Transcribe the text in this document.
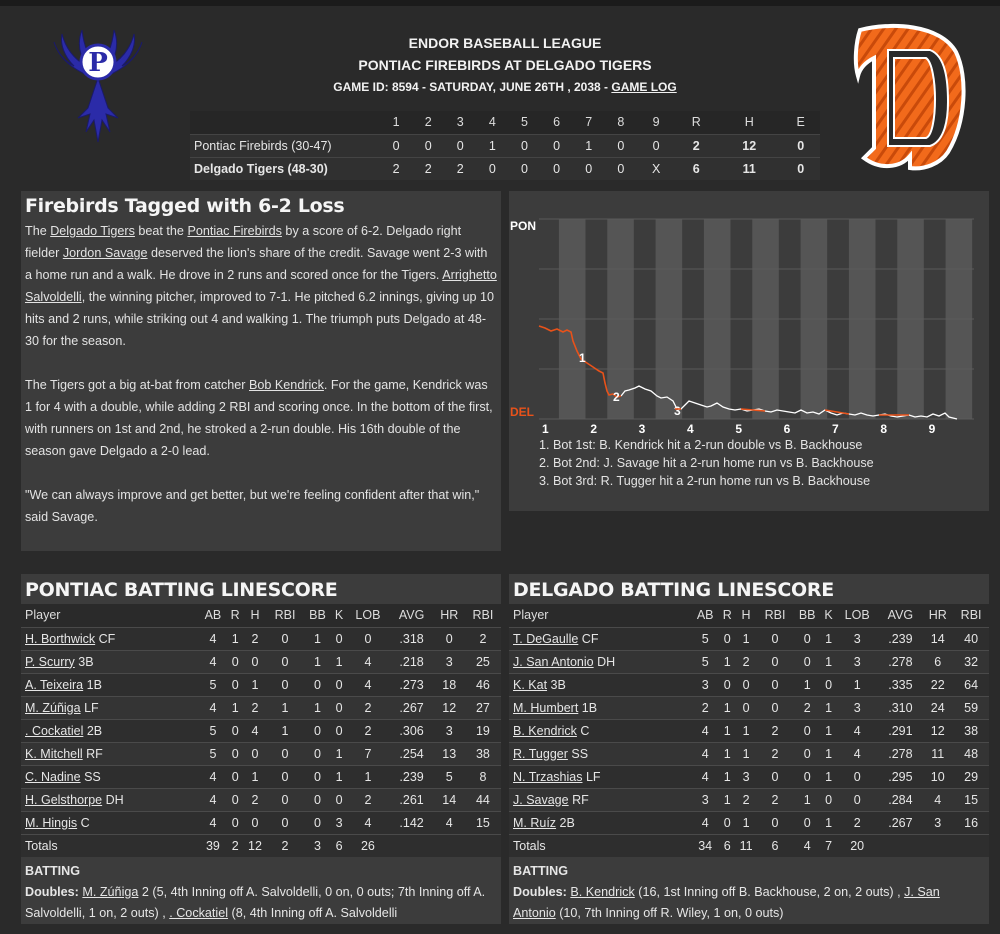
P
ENDOR BASEBALL LEAGUE
PONTIAC FIREBIRDS AT DELGADO TIGERS
GAME ID: 8594 - SATURDAY, JUNE 26TH , 2038 - GAME LOG
	1	2	3	4	5	6	7	8	9	R	H	E
Pontiac Firebirds (30-47)	0	0	0	1	0	0	1	0	0	2	12	0
Delgado Tigers (48-30)	2	2	2	0	0	0	0	0	X	6	11	0
Firebirds Tagged with 6-2 Loss

The Delgado Tigers beat the Pontiac Firebirds by a score of 6-2. Delgado right fielder Jordon Savage deserved the lion's share of the credit. Savage went 2-3 with a home run and a walk. He drove in 2 runs and scored once for the Tigers. Arrighetto Salvoldelli, the winning pitcher, improved to 7-1. He pitched 6.2 innings, giving up 10 hits and 2 runs, while striking out 4 and walking 1. The triumph puts Delgado at 48-30 for the season.

The Tigers got a big at-bat from catcher Bob Kendrick. For the game, Kendrick was 1 for 4 with a double, while adding 2 RBI and scoring once. In the bottom of the first, with runners on 1st and 2nd, he stroked a 2-run double. His 16th double of the season gave Delgado a 2-0 lead.

"We can always improve and get better, but we're feeling confident after that win," said Savage.

PON
DEL
1	2	3	4	5	6	7	8	9
1
2
3
1. Bot 1st: B. Kendrick hit a 2-run double vs B. Backhouse
2. Bot 2nd: J. Savage hit a 2-run home run vs B. Backhouse
3. Bot 3rd: R. Tugger hit a 2-run home run vs B. Backhouse
PONTIAC BATTING LINESCORE
Player	AB	R	H	RBI	BB	K	LOB	AVG	HR	RBI
H. Borthwick CF	4	1	2	0	1	0	0	.318	0	2
P. Scurry 3B	4	0	0	0	1	1	4	.218	3	25
A. Teixeira 1B	5	0	1	0	0	0	4	.273	18	46
M. Zúñiga LF	4	1	2	1	1	0	2	.267	12	27
. Cockatiel 2B	5	0	4	1	0	0	2	.306	3	19
K. Mitchell RF	5	0	0	0	0	1	7	.254	13	38
C. Nadine SS	4	0	1	0	0	1	1	.239	5	8
H. Gelsthorpe DH	4	0	2	0	0	0	2	.261	14	44
M. Hingis C	4	0	0	0	0	3	4	.142	4	15
Totals	39	2	12	2	3	6	26			
BATTING
Doubles: M. Zúñiga 2 (5, 4th Inning off A. Salvoldelli, 0 on, 0 outs; 7th Inning off A. Salvoldelli, 1 on, 2 outs) , . Cockatiel (8, 4th Inning off A. Salvoldelli
DELGADO BATTING LINESCORE
Player	AB	R	H	RBI	BB	K	LOB	AVG	HR	RBI
T. DeGaulle CF	5	0	1	0	0	1	3	.239	14	40
J. San Antonio DH	5	1	2	0	0	1	3	.278	6	32
K. Kat 3B	3	0	0	0	1	0	1	.335	22	64
M. Humbert 1B	2	1	0	0	2	1	3	.310	24	59
B. Kendrick C	4	1	1	2	0	1	4	.291	12	38
R. Tugger SS	4	1	1	2	0	1	4	.278	11	48
N. Trzashias LF	4	1	3	0	0	1	0	.295	10	29
J. Savage RF	3	1	2	2	1	0	0	.284	4	15
M. Ruíz 2B	4	0	1	0	0	1	2	.267	3	16
Totals	34	6	11	6	4	7	20			
BATTING
Doubles: B. Kendrick (16, 1st Inning off B. Backhouse, 2 on, 2 outs) , J. San Antonio (10, 7th Inning off R. Wiley, 1 on, 0 outs)
